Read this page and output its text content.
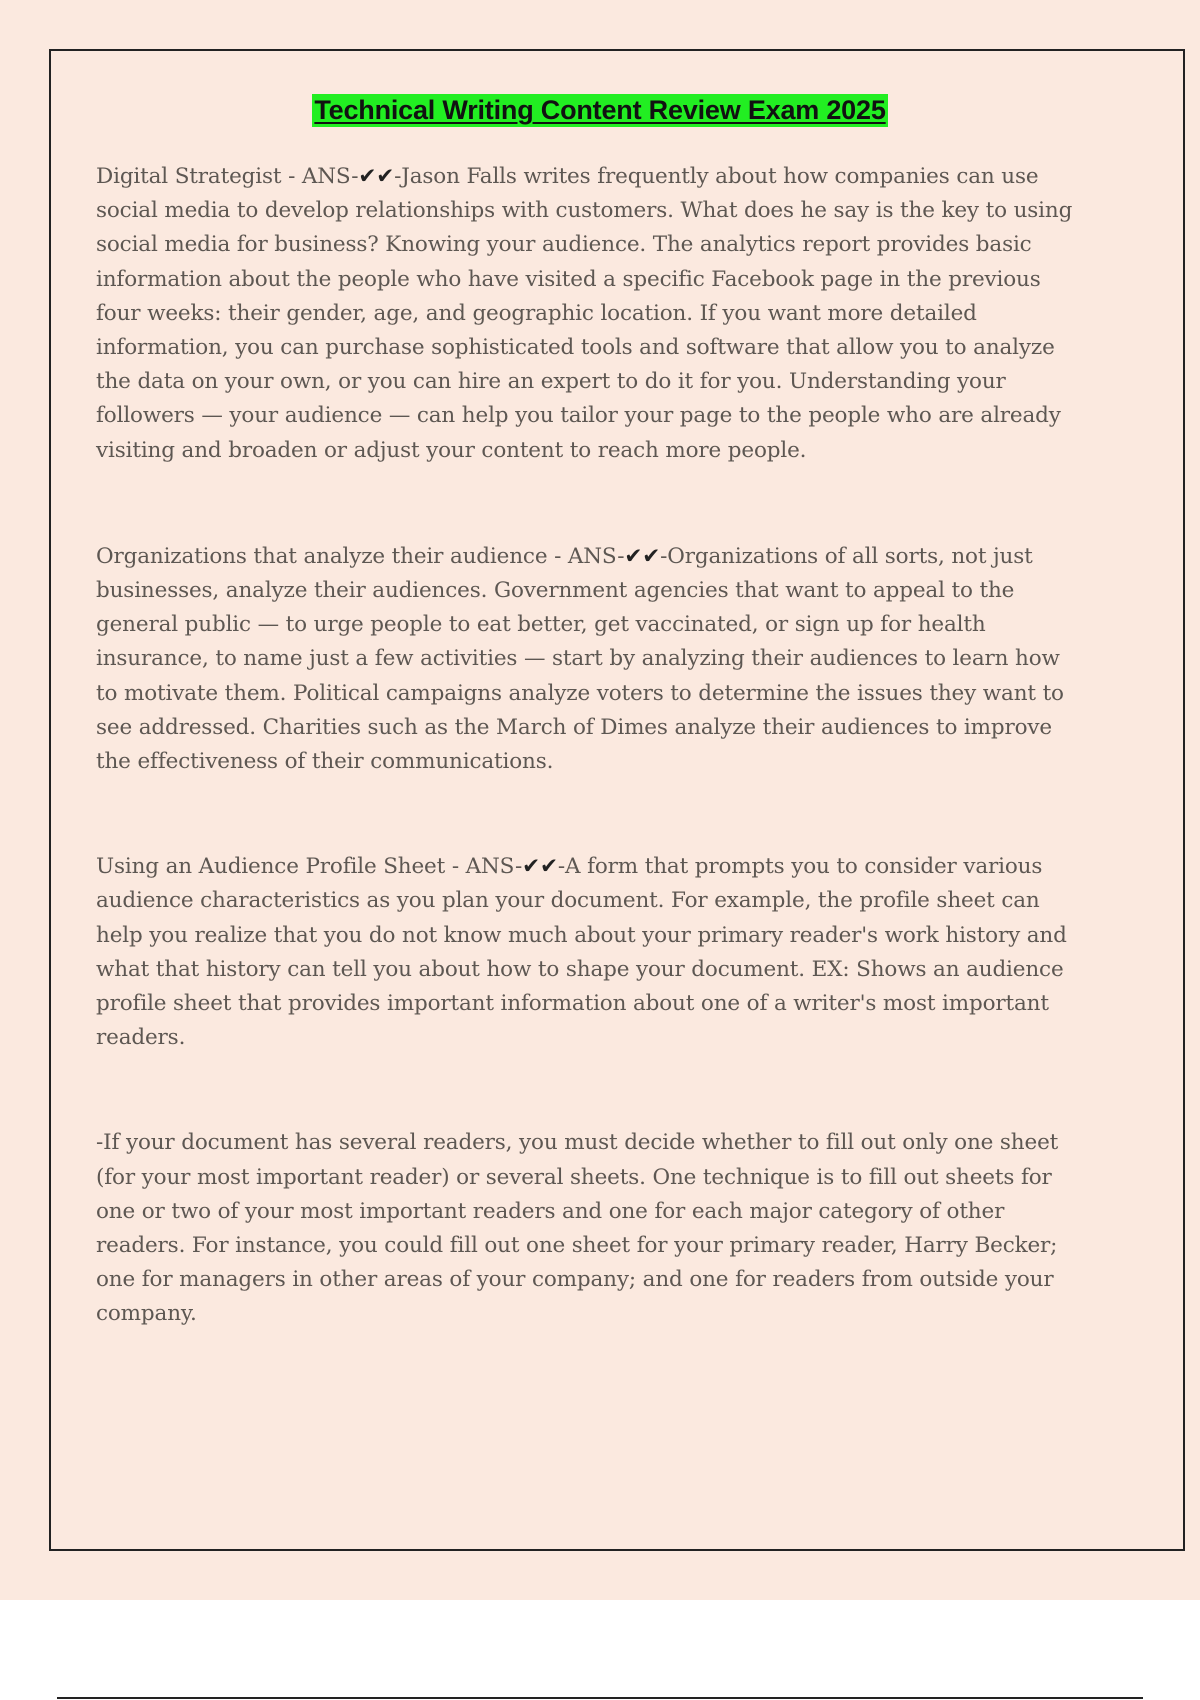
Technical Writing Content Review Exam 2025

Digital Strategist - ANS-✔✔-Jason Falls writes frequently about how companies can use social media to develop relationships with customers. What does he say is the key to using social media for business? Knowing your audience. The analytics report provides basic information about the people who have visited a specific Facebook page in the previous four weeks: their gender, age, and geographic location. If you want more detailed information, you can purchase sophisticated tools and software that allow you to analyze the data on your own, or you can hire an expert to do it for you. Understanding your followers — your audience — can help you tailor your page to the people who are already visiting and broaden or adjust your content to reach more people.

Organizations that analyze their audience - ANS-✔✔-Organizations of all sorts, not just businesses, analyze their audiences. Government agencies that want to appeal to the general public — to urge people to eat better, get vaccinated, or sign up for health insurance, to name just a few activities — start by analyzing their audiences to learn how to motivate them. Political campaigns analyze voters to determine the issues they want to see addressed. Charities such as the March of Dimes analyze their audiences to improve the effectiveness of their communications.

Using an Audience Profile Sheet - ANS-✔✔-A form that prompts you to consider various audience characteristics as you plan your document. For example, the profile sheet can help you realize that you do not know much about your primary reader's work history and what that history can tell you about how to shape your document. EX: Shows an audience profile sheet that provides important information about one of a writer's most important readers.

-If your document has several readers, you must decide whether to fill out only one sheet (for your most important reader) or several sheets. One technique is to fill out sheets for one or two of your most important readers and one for each major category of other readers. For instance, you could fill out one sheet for your primary reader, Harry Becker; one for managers in other areas of your company; and one for readers from outside your company.
